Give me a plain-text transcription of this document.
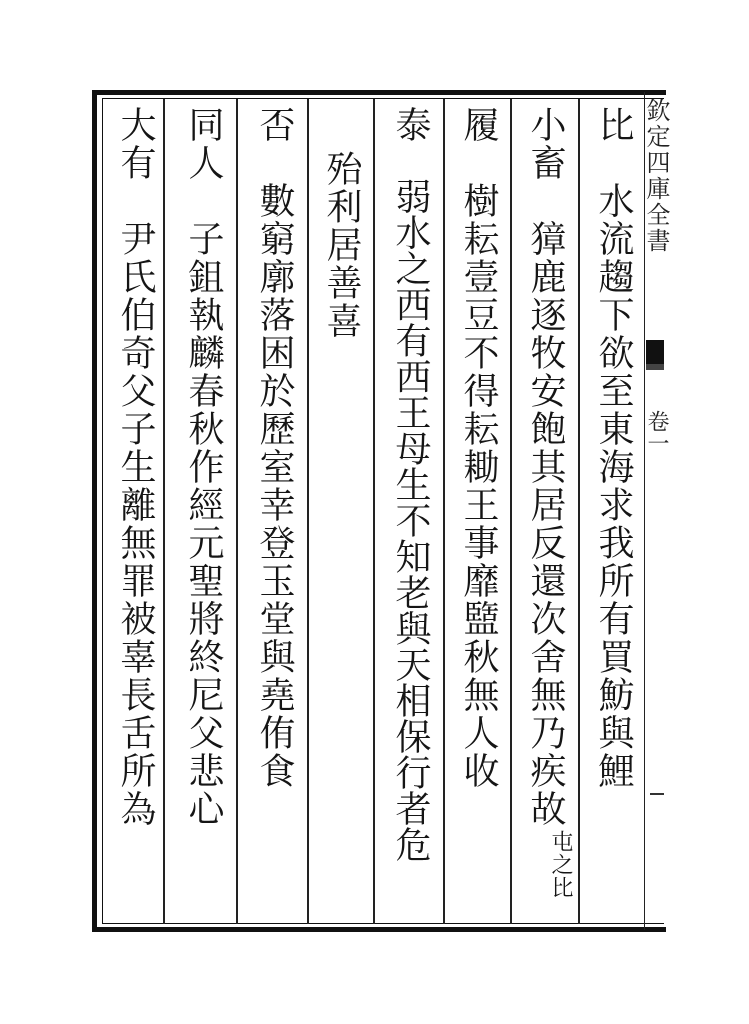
欽定四庫全書
卷一
比　水流趨下欲至東海求我所有買魴與鯉
小畜　獐鹿逐牧安飽其居反還次舍無乃疾故
屯之比
履　樹耘壹豆不得耘耡王事靡盬秋無人收
泰　弱水之西有西王母生不知老與天相保行者危
殆利居善喜
否　數窮廓落困於歷室幸登玉堂與堯侑食
同人　子鉏執麟春秋作經元聖將終尼父悲心
大有　尹氏伯奇父子生離無罪被辜長舌所為
